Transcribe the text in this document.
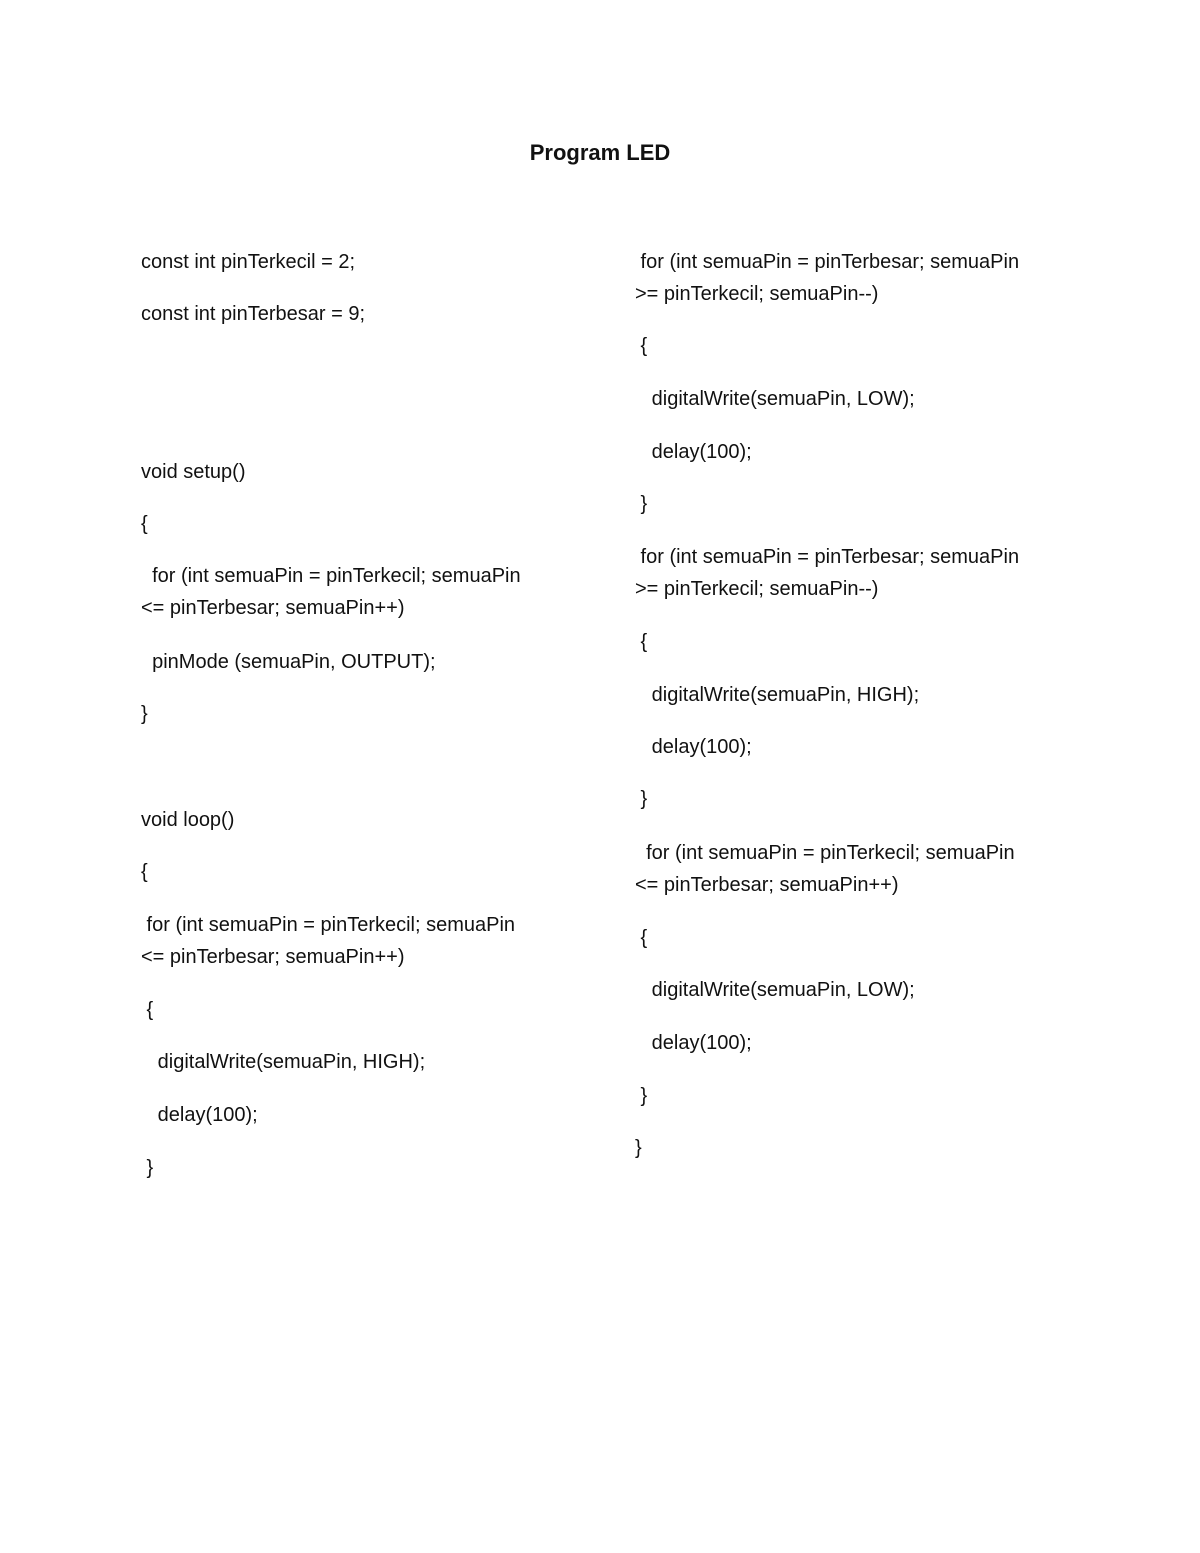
Program LED
const int pinTerkecil = 2;
const int pinTerbesar = 9;
void setup()
{
for (int semuaPin = pinTerkecil; semuaPin
<= pinTerbesar; semuaPin++)
pinMode (semuaPin, OUTPUT);
}
void loop()
{
for (int semuaPin = pinTerkecil; semuaPin
<= pinTerbesar; semuaPin++)
{
digitalWrite(semuaPin, HIGH);
delay(100);
}
for (int semuaPin = pinTerbesar; semuaPin
>= pinTerkecil; semuaPin--)
{
digitalWrite(semuaPin, LOW);
delay(100);
}
for (int semuaPin = pinTerbesar; semuaPin
>= pinTerkecil; semuaPin--)
{
digitalWrite(semuaPin, HIGH);
delay(100);
}
for (int semuaPin = pinTerkecil; semuaPin
<= pinTerbesar; semuaPin++)
{
digitalWrite(semuaPin, LOW);
delay(100);
}
}
